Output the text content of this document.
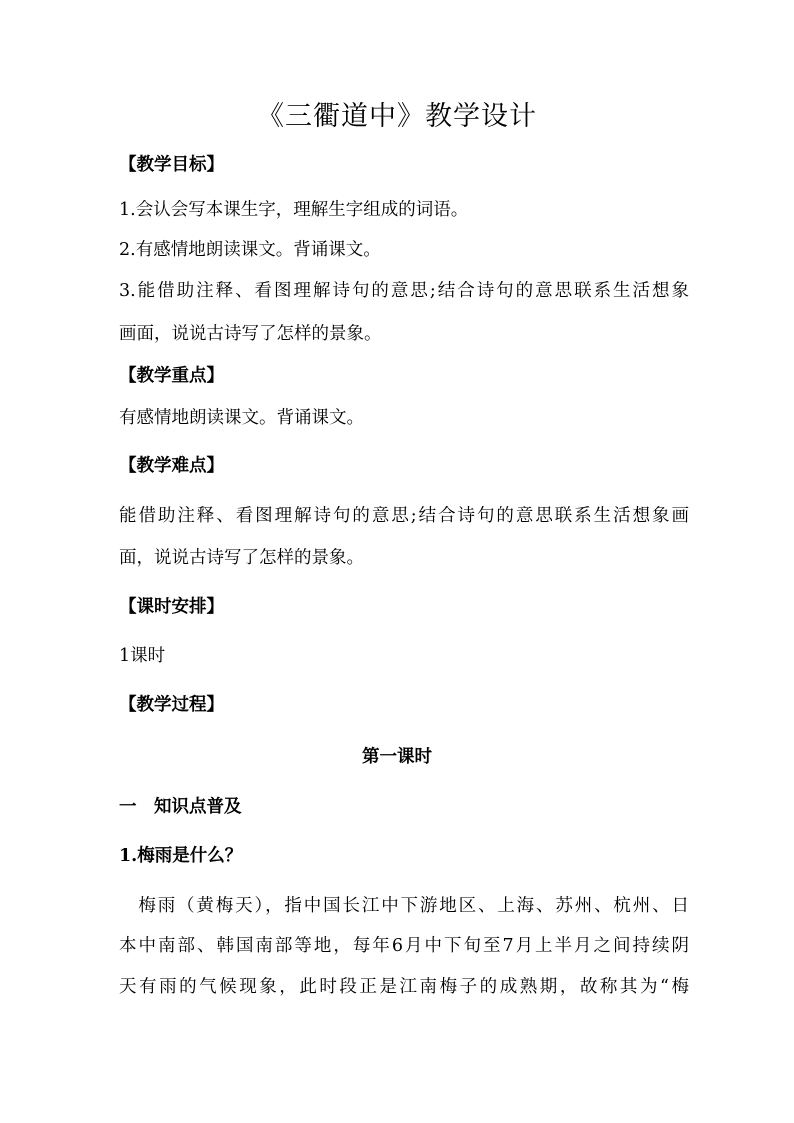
《三衢道中》教学设计
【教学目标】
1.会认会写本课生字，理解生字组成的词语。
2.有感情地朗读课文。背诵课文。
3.能借助注释、看图理解诗句的意思;结合诗句的意思联系生活想象
画面，说说古诗写了怎样的景象。
【教学重点】
有感情地朗读课文。背诵课文。
【教学难点】
能借助注释、看图理解诗句的意思;结合诗句的意思联系生活想象画
面，说说古诗写了怎样的景象。
【课时安排】
1课时
【教学过程】
第一课时
一　知识点普及
1.梅雨是什么？
　梅雨（黄梅天），指中国长江中下游地区、上海、苏州、杭州、日
本中南部、韩国南部等地，每年6月中下旬至7月上半月之间持续阴
天有雨的气候现象，此时段正是江南梅子的成熟期，故称其为“梅
